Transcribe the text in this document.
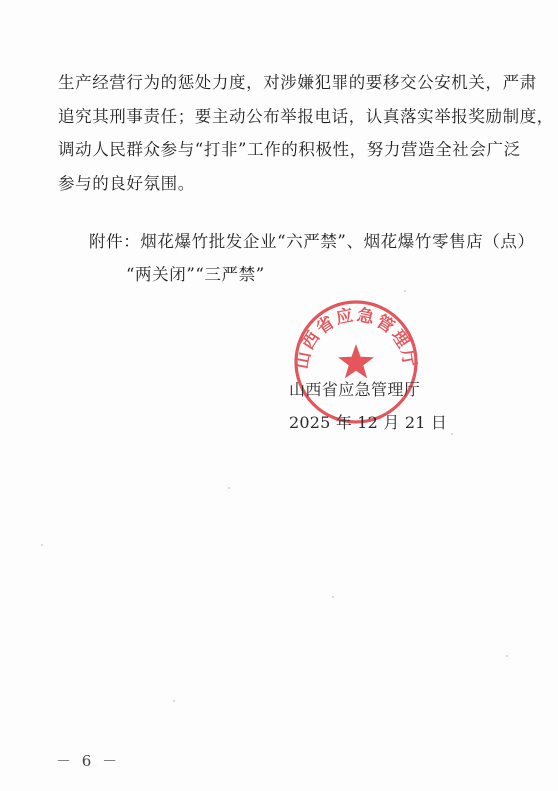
生产经营行为的惩处力度，对涉嫌犯罪的要移交公安机关，严肃

追究其刑事责任；要主动公布举报电话，认真落实举报奖励制度，

调动人民群众参与“打非”工作的积极性，努力营造全社会广泛

参与的良好氛围。

附件：烟花爆竹批发企业“六严禁”、烟花爆竹零售店（点）

“两关闭”“三严禁”

山西省应急管理厅

山西省应急管理厅

2025 年 12 月 21 日

－ 6 －
